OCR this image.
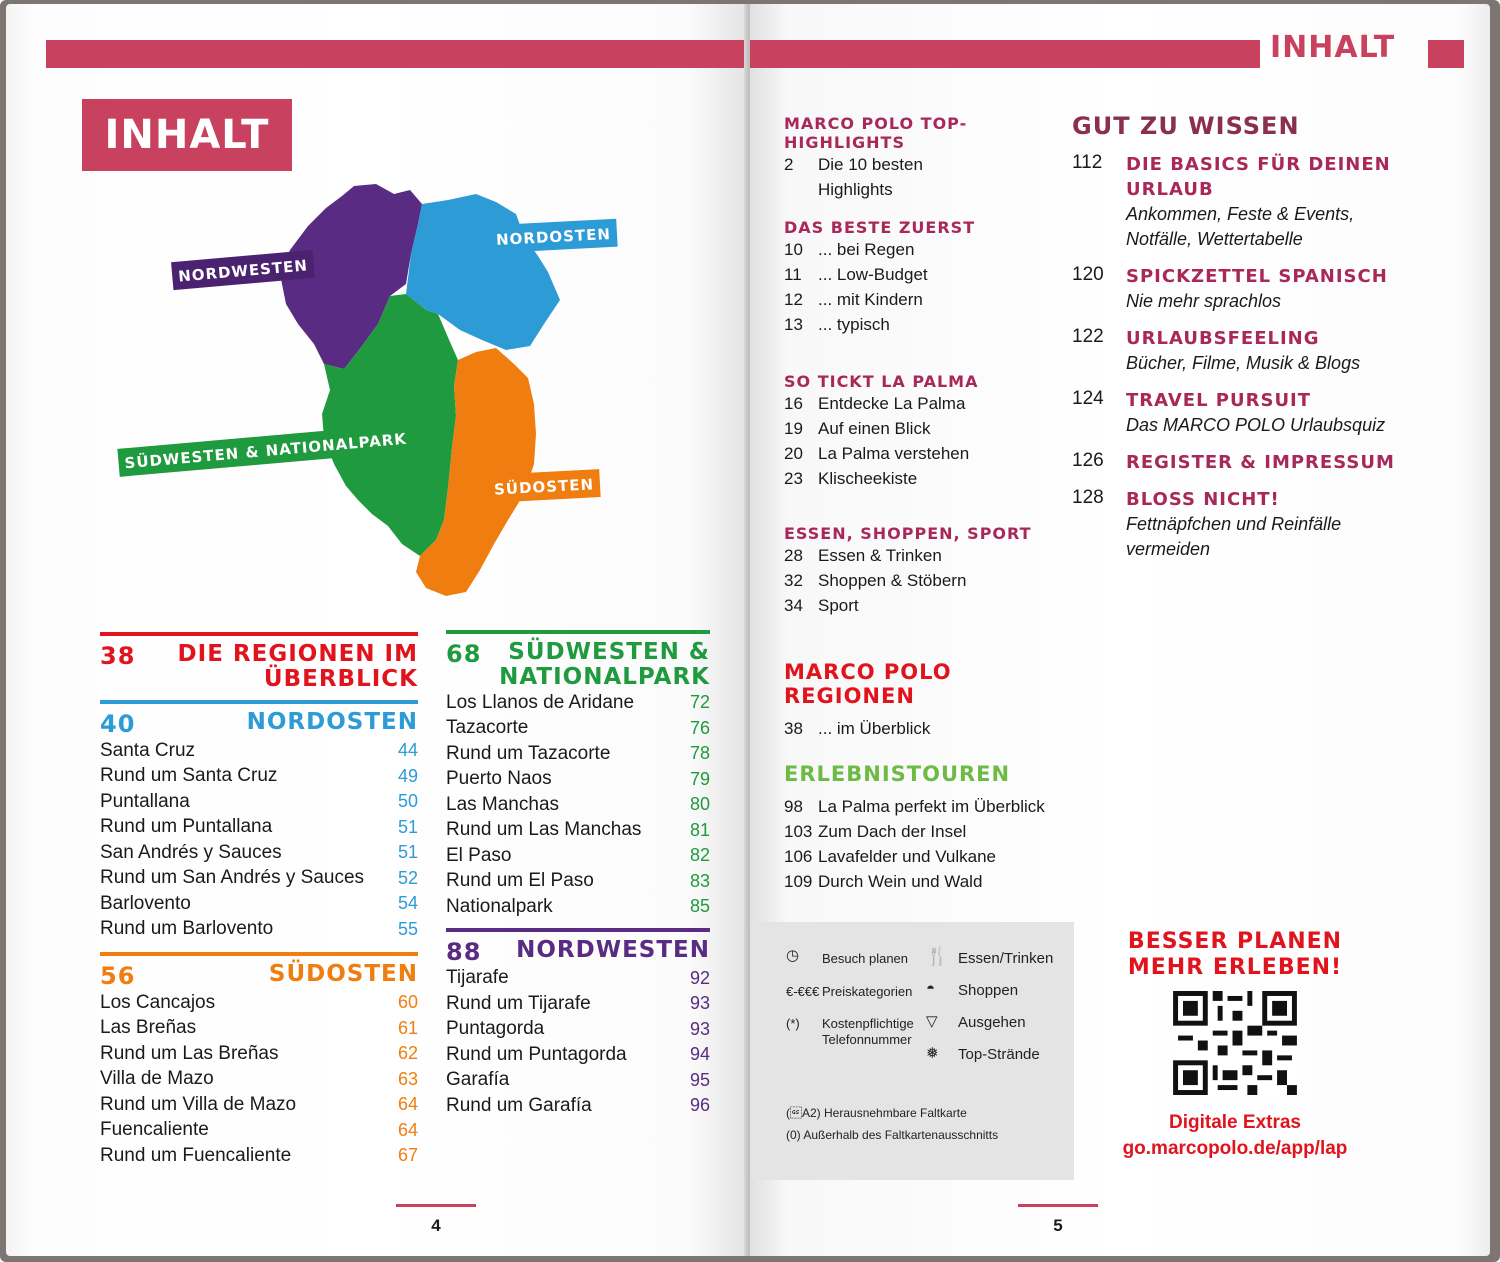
INHALT
NORDWESTEN
NORDOSTEN
SÜDWESTEN & NATIONALPARK
SÜDOSTEN
38 DIE REGIONEN IM
ÜBERBLICK
40	NORDOSTEN
Santa Cruz	44
Rund um Santa Cruz	49
Puntallana	50
Rund um Puntallana	51
San Andrés y Sauces	51
Rund um San Andrés y Sauces 52
Barlovento	54
Rund um Barlovento	55
56	SÜDOSTEN
Los Cancajos	60
Las Breñas	61
Rund um Las Breñas	62
Villa de Mazo	63
Rund um Villa de Mazo	64
Fuencaliente	64
Rund um Fuencaliente	67
68	SÜDWESTEN &
NATIONALPARK
Los Llanos de Aridane	72
Tazacorte	76
Rund um Tazacorte	78
Puerto Naos	79
Las Manchas	80
Rund um Las Manchas	81
El Paso	82
Rund um El Paso	83
Nationalpark	85
88 NORDWESTEN
Tijarafe	92
Rund um Tijarafe	93
Puntagorda	93
Rund um Puntagorda	94
Garafía	95
Rund um Garafía	96
4
INHALT
MARCO POLO TOP-HIGHLIGHTS
2	Die 10 besten
Highlights
DAS BESTE ZUERST
10 ... bei Regen
11 ... Low-Budget
12 ... mit Kindern
13 ... typisch
SO TICKT LA PALMA
16 Entdecke La Palma
19 Auf einen Blick
20 La Palma verstehen
23 Klischeekiste
ESSEN, SHOPPEN, SPORT
28 Essen & Trinken
32 Shoppen & Stöbern
34 Sport
MARCO POLO REGIONEN
38 ... im Überblick
ERLEBNISTOUREN
98 La Palma perfekt im Überblick
103 Zum Dach der Insel
106 Lavafelder und Vulkane
109 Durch Wein und Wald
GUT ZU WISSEN
112	DIE BASICS FÜR DEINEN URLAUB
Ankommen, Feste & Events, Notfälle, Wettertabelle
120	SPICKZETTEL SPANISCH
Nie mehr sprachlos
122	URLAUBSFEELING
Bücher, Filme, Musik & Blogs
124	TRAVEL PURSUIT
Das MARCO POLO Urlaubsquiz
126	REGISTER & IMPRESSUM
128	BLOSS NICHT!
Fettnäpfchen und Reinfälle vermeiden
◷ Besuch planen
€-€€€ Preiskategorien
(*) Kostenpflichtige
Telefonnummer
🍴 Essen/Trinken
◓ Shoppen
▽ Ausgehen
❅ Top-Strände
(A2) Herausnehmbare Faltkarte
(0) Außerhalb des Faltkartenausschnitts
BESSER PLANEN
MEHR ERLEBEN!
Digitale Extras
go.marcopolo.de/app/lap
5
